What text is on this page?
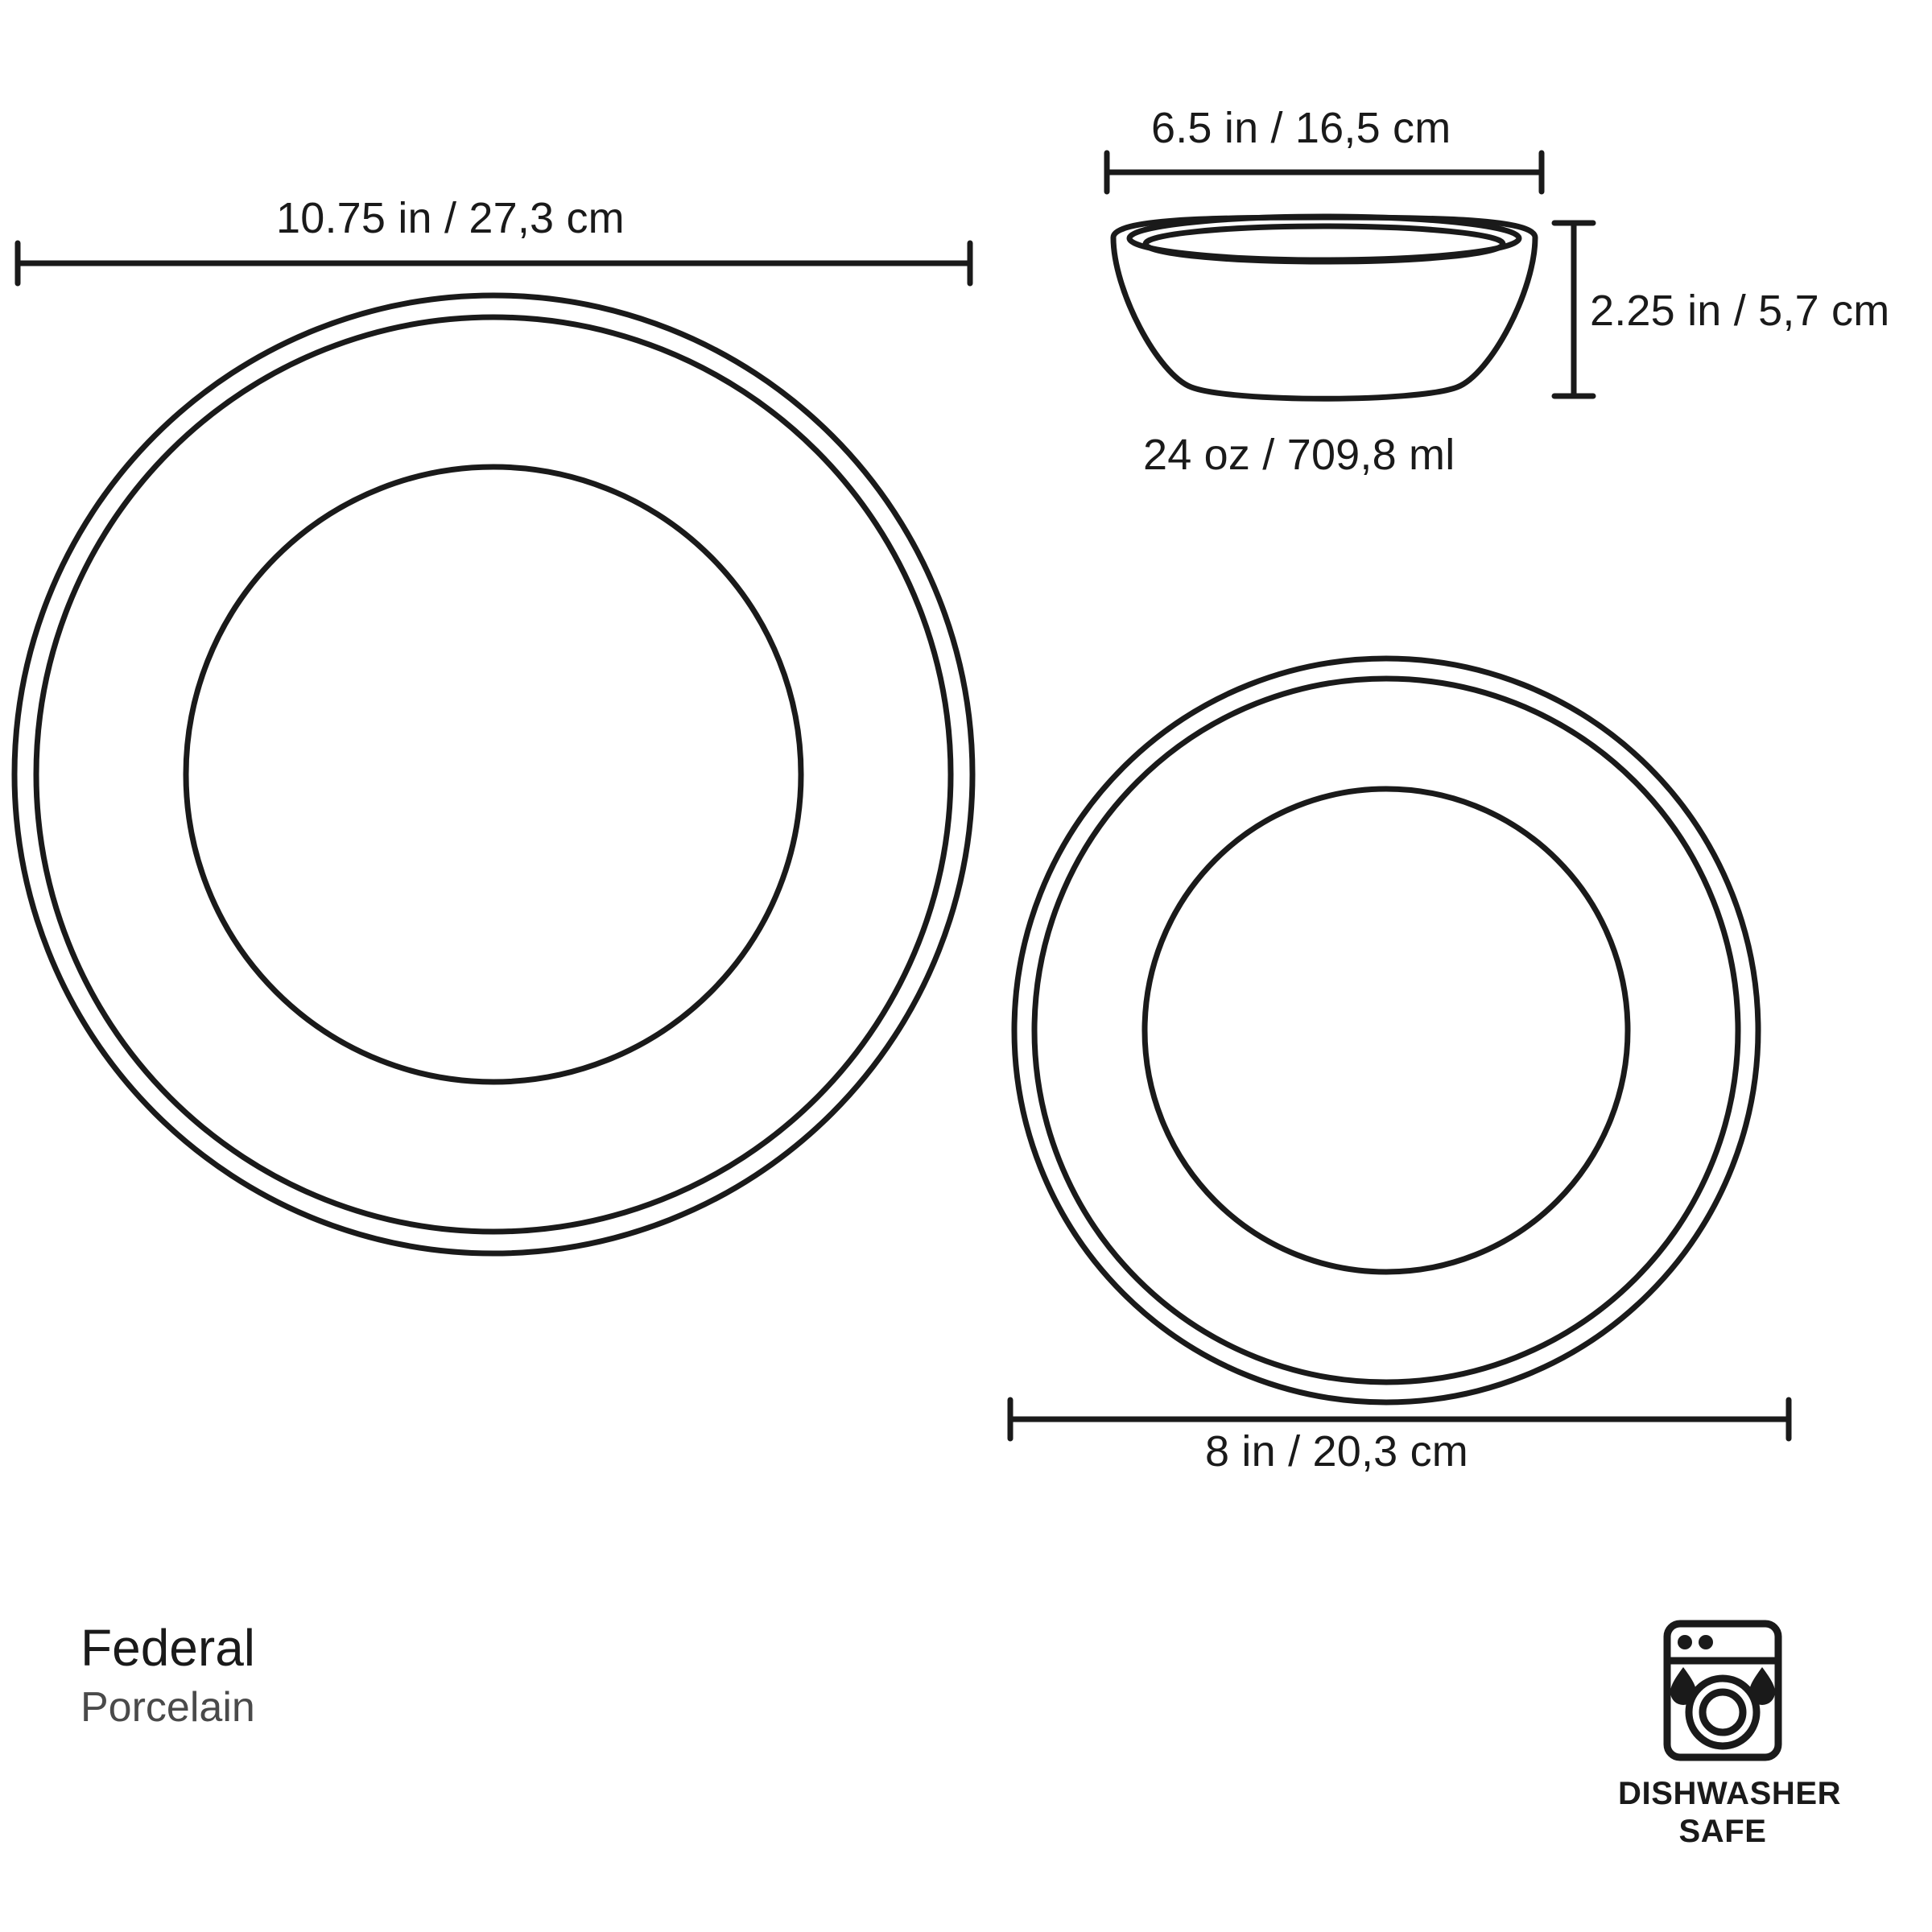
10.75 in / 27,3 cm
6.5 in / 16,5 cm
2.25 in / 5,7 cm
24 oz / 709,8 ml
8 in / 20,3 cm
Federal
Porcelain
DISHWASHER
SAFE
